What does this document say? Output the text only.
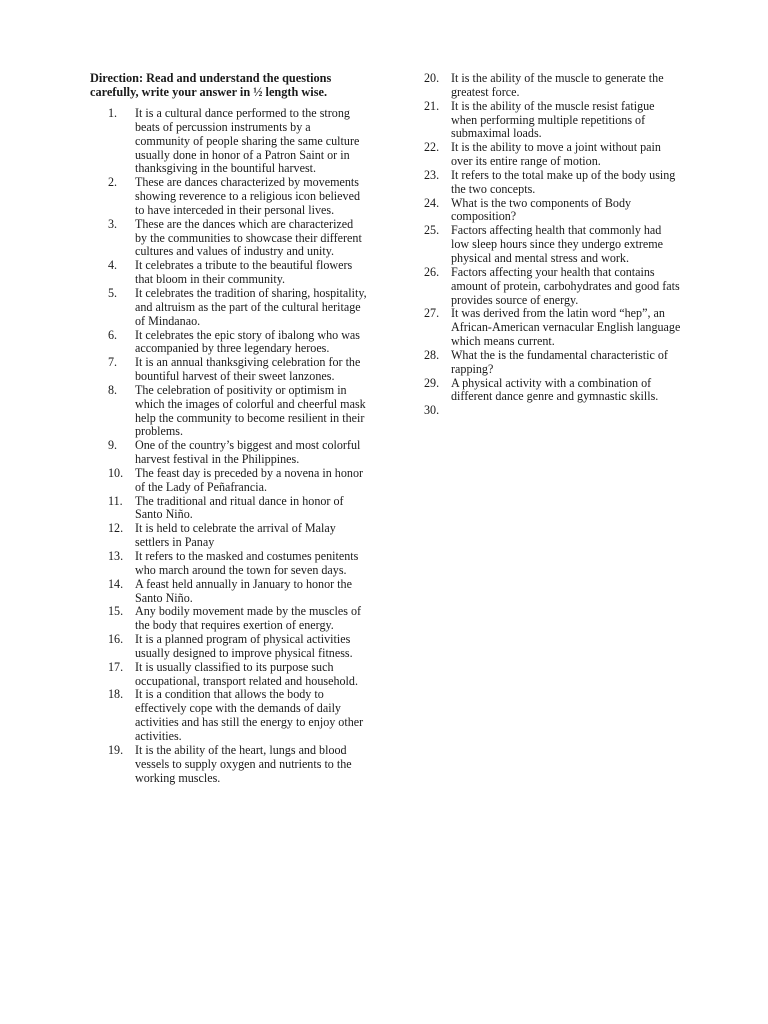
Direction: Read and understand the questions carefully, write your answer in ½ length wise.
1.	It is a cultural dance performed to the strong beats of percussion instruments by a community of people sharing the same culture usually done in honor of a Patron Saint or in thanksgiving in the bountiful harvest.
2.	These are dances characterized by movements showing reverence to a religious icon believed to have interceded in their personal lives.
3.	These are the dances which are characterized by the communities to showcase their different cultures and values of industry and unity.
4.	It celebrates a tribute to the beautiful flowers that bloom in their community.
5.	It celebrates the tradition of sharing, hospitality, and altruism as the part of the cultural heritage of Mindanao.
6.	It celebrates the epic story of ibalong who was accompanied by three legendary heroes.
7.	It is an annual thanksgiving celebration for the bountiful harvest of their sweet lanzones.
8.	The celebration of positivity or optimism in which the images of colorful and cheerful mask help the community to become resilient in their problems.
9.	One of the country’s biggest and most colorful harvest festival in the Philippines.
10. The feast day is preceded by a novena in honor of the Lady of Peñafrancia.
11.	The traditional and ritual dance in honor of Santo Niño.
12. It is held to celebrate the arrival of Malay settlers in Panay
13. It refers to the masked and costumes penitents who march around the town for seven days.
14. A feast held annually in January to honor the Santo Niño.
15. Any bodily movement made by the muscles of the body that requires exertion of energy.
16. It is a planned program of physical activities usually designed to improve physical fitness.
17. It is usually classified to its purpose such occupational, transport related and household.
18. It is a condition that allows the body to effectively cope with the demands of daily activities and has still the energy to enjoy other activities.
19. It is the ability of the heart, lungs and blood vessels to supply oxygen and nutrients to the working muscles.
20. It is the ability of the muscle to generate the greatest force.
21. It is the ability of the muscle resist fatigue when performing multiple repetitions of submaximal loads.
22. It is the ability to move a joint without pain over its entire range of motion.
23. It refers to the total make up of the body using the two concepts.
24. What is the two components of Body composition?
25. Factors affecting health that commonly had low sleep hours since they undergo extreme physical and mental stress and work.
26. Factors affecting your health that contains amount of protein, carbohydrates and good fats provides source of energy.
27. It was derived from the latin word “hep”, an African-American vernacular English language which means current.
28. What the is the fundamental characteristic of rapping?
29. A physical activity with a combination of different dance genre and gymnastic skills.
30.
